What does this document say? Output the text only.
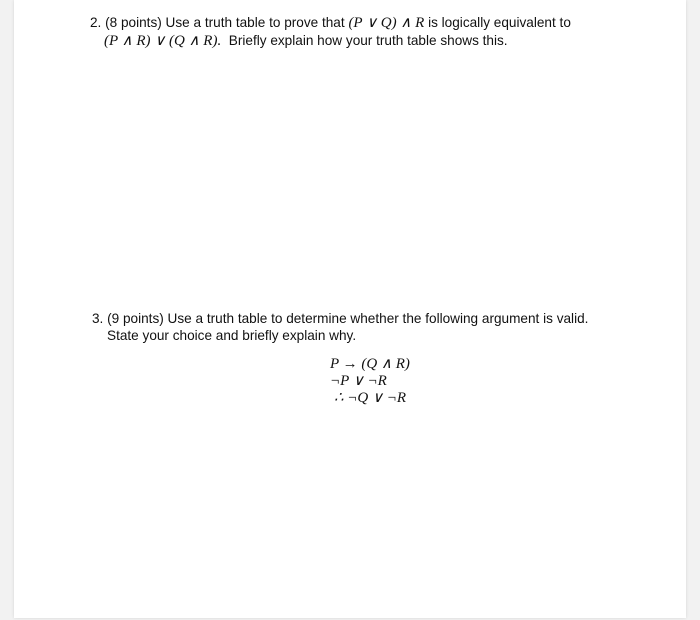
2. (8 points) Use a truth table to prove that (P ∨ Q) ∧ R is logically equivalent to
(P ∧ R) ∨ (Q ∧ R). Briefly explain how your truth table shows this.
3. (9 points) Use a truth table to determine whether the following argument is valid.
State your choice and briefly explain why.
P → (Q ∧ R)
¬P ∨ ¬R
∴ ¬Q ∨ ¬R
